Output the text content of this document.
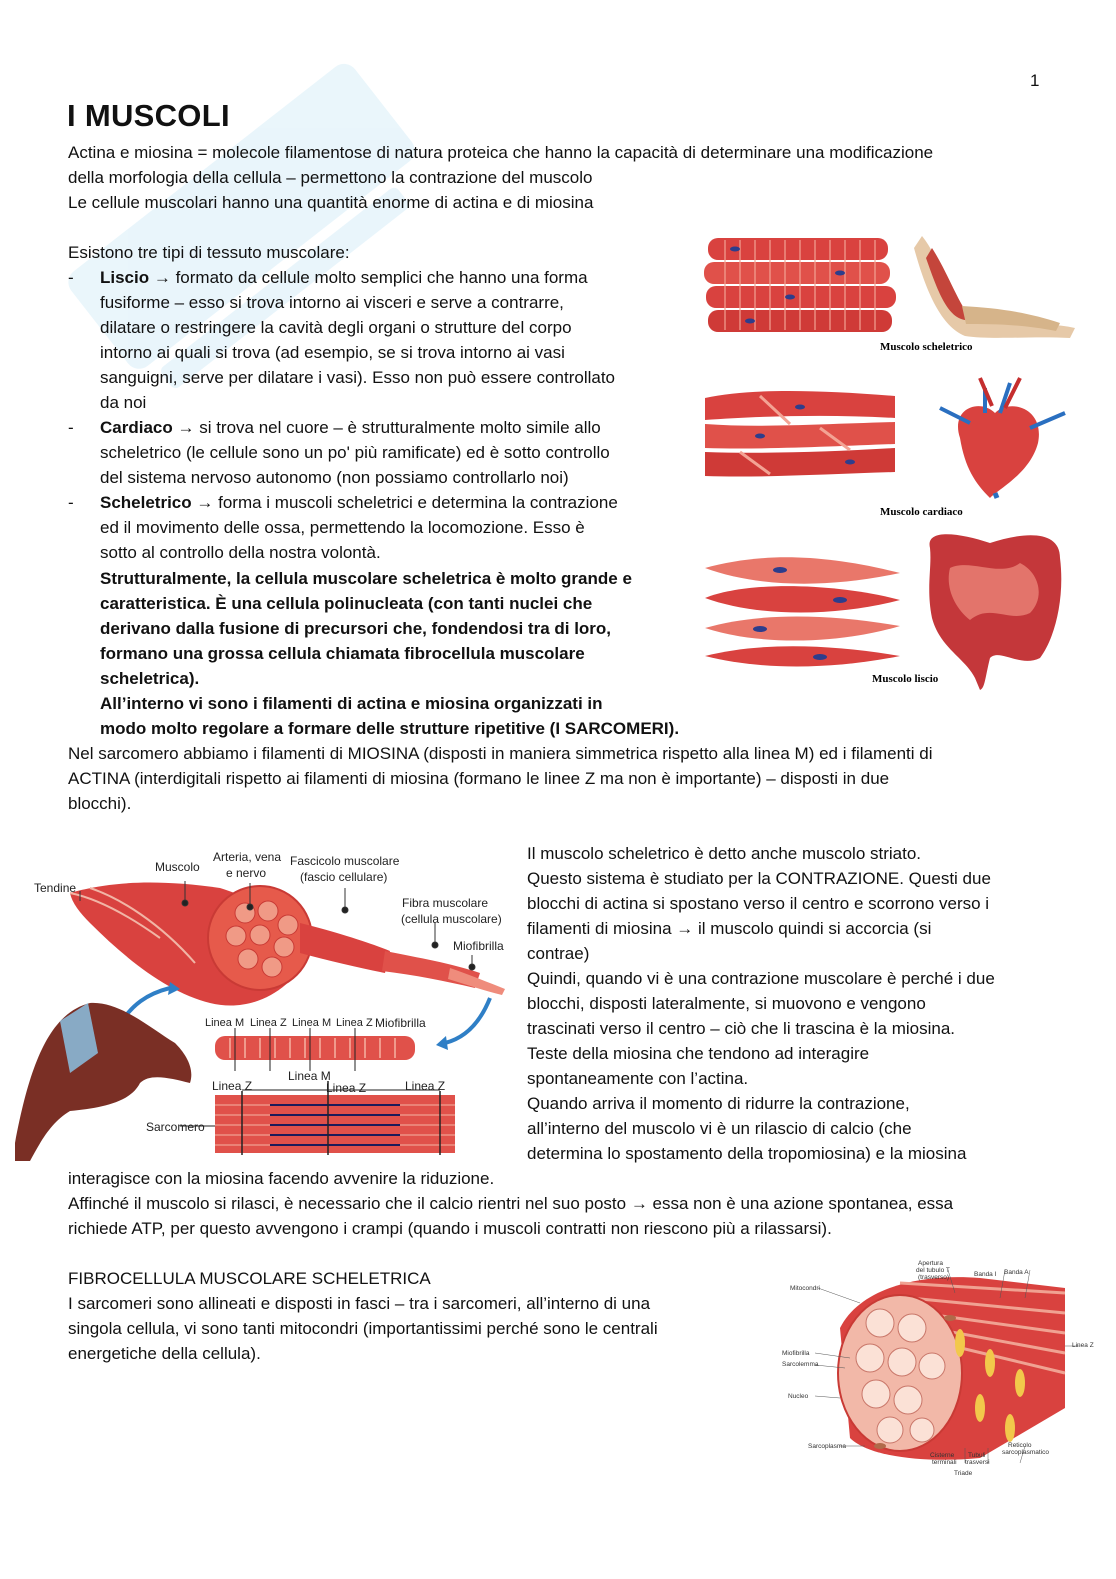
1
I MUSCOLI
Actina e miosina = molecole filamentose di natura proteica che hanno la capacità di determinare una modificazione
della morfologia della cellula – permettono la contrazione del muscolo
Le cellule muscolari hanno una quantità enorme di actina e di miosina
Esistono tre tipi di tessuto muscolare:
- Liscio → formato da cellule molto semplici che hanno una forma
fusiforme – esso si trova intorno ai visceri e serve a contrarre,
dilatare o restringere la cavità degli organi o strutture del corpo
intorno ai quali si trova (ad esempio, se si trova intorno ai vasi
sanguigni, serve per dilatare i vasi). Esso non può essere controllato
da noi
- Cardiaco → si trova nel cuore – è strutturalmente molto simile allo
scheletrico (le cellule sono un po' più ramificate) ed è sotto controllo
del sistema nervoso autonomo (non possiamo controllarlo noi)
- Scheletrico → forma i muscoli scheletrici e determina la contrazione
ed il movimento delle ossa, permettendo la locomozione. Esso è
sotto al controllo della nostra volontà.
Strutturalmente, la cellula muscolare scheletrica è molto grande e
caratteristica. È una cellula polinucleata (con tanti nuclei che
derivano dalla fusione di precursori che, fondendosi tra di loro,
formano una grossa cellula chiamata fibrocellula muscolare
scheletrica).
All’interno vi sono i filamenti di actina e miosina organizzati in
modo molto regolare a formare delle strutture ripetitive (I SARCOMERI).
Nel sarcomero abbiamo i filamenti di MIOSINA (disposti in maniera simmetrica rispetto alla linea M) ed i filamenti di
ACTINA (interdigitali rispetto ai filamenti di miosina (formano le linee Z ma non è importante) – disposti in due
blocchi).
Il muscolo scheletrico è detto anche muscolo striato.
Questo sistema è studiato per la CONTRAZIONE. Questi due
blocchi di actina si spostano verso il centro e scorrono verso i
filamenti di miosina → il muscolo quindi si accorcia (si
contrae)
Quindi, quando vi è una contrazione muscolare è perché i due
blocchi, disposti lateralmente, si muovono e vengono
trascinati verso il centro – ciò che li trascina è la miosina.
Teste della miosina che tendono ad interagire
spontaneamente con l’actina.
Quando arriva il momento di ridurre la contrazione,
all’interno del muscolo vi è un rilascio di calcio (che
determina lo spostamento della tropomiosina) e la miosina
interagisce con la miosina facendo avvenire la riduzione.
Affinché il muscolo si rilasci, è necessario che il calcio rientri nel suo posto → essa non è una azione spontanea, essa
richiede ATP, per questo avvengono i crampi (quando i muscoli contratti non riescono più a rilassarsi).
FIBROCELLULA MUSCOLARE SCHELETRICA
I sarcomeri sono allineati e disposti in fasci – tra i sarcomeri, all’interno di una
singola cellula, vi sono tanti mitocondri (importantissimi perché sono le centrali
energetiche della cellula).
Muscolo scheletrico
Muscolo cardiaco
Muscolo liscio
Tendine
Muscolo
Arteria, vena
e nervo
Fascicolo muscolare
(fascio cellulare)
Fibra muscolare
(cellula muscolare)
Miofibrilla
Linea M Linea Z Linea M Linea Z Miofibrilla
Linea Z
Linea M
Linea Z	Linea Z
Sarcomero
Apertura
del tubulo T
(trasverso)	Banda I Banda A
Mitocondri
Miofibrilla
Sarcolemma
Nucleo
Linea Z
Sarcoplasma
Cisterne
terminali
Tubuli
trasversi
Reticolo
sarcoplasmatico
Triade
